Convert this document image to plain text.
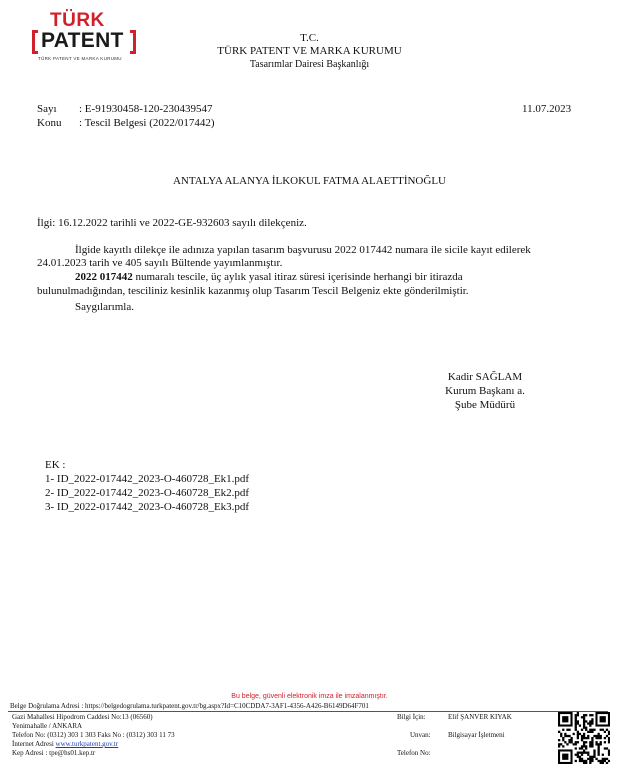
TÜRK
PATENT
TÜRK PATENT VE MARKA KURUMU
T.C.
TÜRK PATENT VE MARKA KURUMU
Tasarımlar Dairesi Başkanlığı
Sayı : E-91930458-120-230439547
Konu : Tescil Belgesi (2022/017442)
11.07.2023
ANTALYA ALANYA İLKOKUL FATMA ALAETTİNOĞLU
İlgi: 16.12.2022 tarihli ve 2022-GE-932603 sayılı dilekçeniz.
İlgide kayıtlı dilekçe ile adınıza yapılan tasarım başvurusu 2022 017442 numara ile sicile kayıt edilerek
24.01.2023 tarih ve 405 sayılı Bültende yayımlanmıştır.
2022 017442 numaralı tescile, üç aylık yasal itiraz süresi içerisinde herhangi bir itirazda
bulunulmadığından, tesciliniz kesinlik kazanmış olup Tasarım Tescil Belgeniz ekte gönderilmiştir.
Saygılarımla.
Kadir SAĞLAM
Kurum Başkanı a.
Şube Müdürü
EK :
1- ID_2022-017442_2023-O-460728_Ek1.pdf
2- ID_2022-017442_2023-O-460728_Ek2.pdf
3- ID_2022-017442_2023-O-460728_Ek3.pdf
Bu belge, güvenli elektronik imza ile imzalanmıştır.
Belge Doğrulama Adresi : https://belgedogrulama.turkpatent.gov.tr/bg.aspx?Id=C10CDDA7-3AF1-4356-A426-B6149D64F701
Gazi Mahallesi Hipodrom Caddesi No:13 (06560)
Yenimahalle / ANKARA
Telefon No: (0312) 303 1 303 Faks No : (0312) 303 11 73
İnternet Adresi www.turkpatent.gov.tr
Kep Adresi : tpe@hs01.kep.tr
Bilgi İçin:	Elif ŞANVER KIYAK
Unvan: Bilgisayar İşletmeni
Telefon No:
